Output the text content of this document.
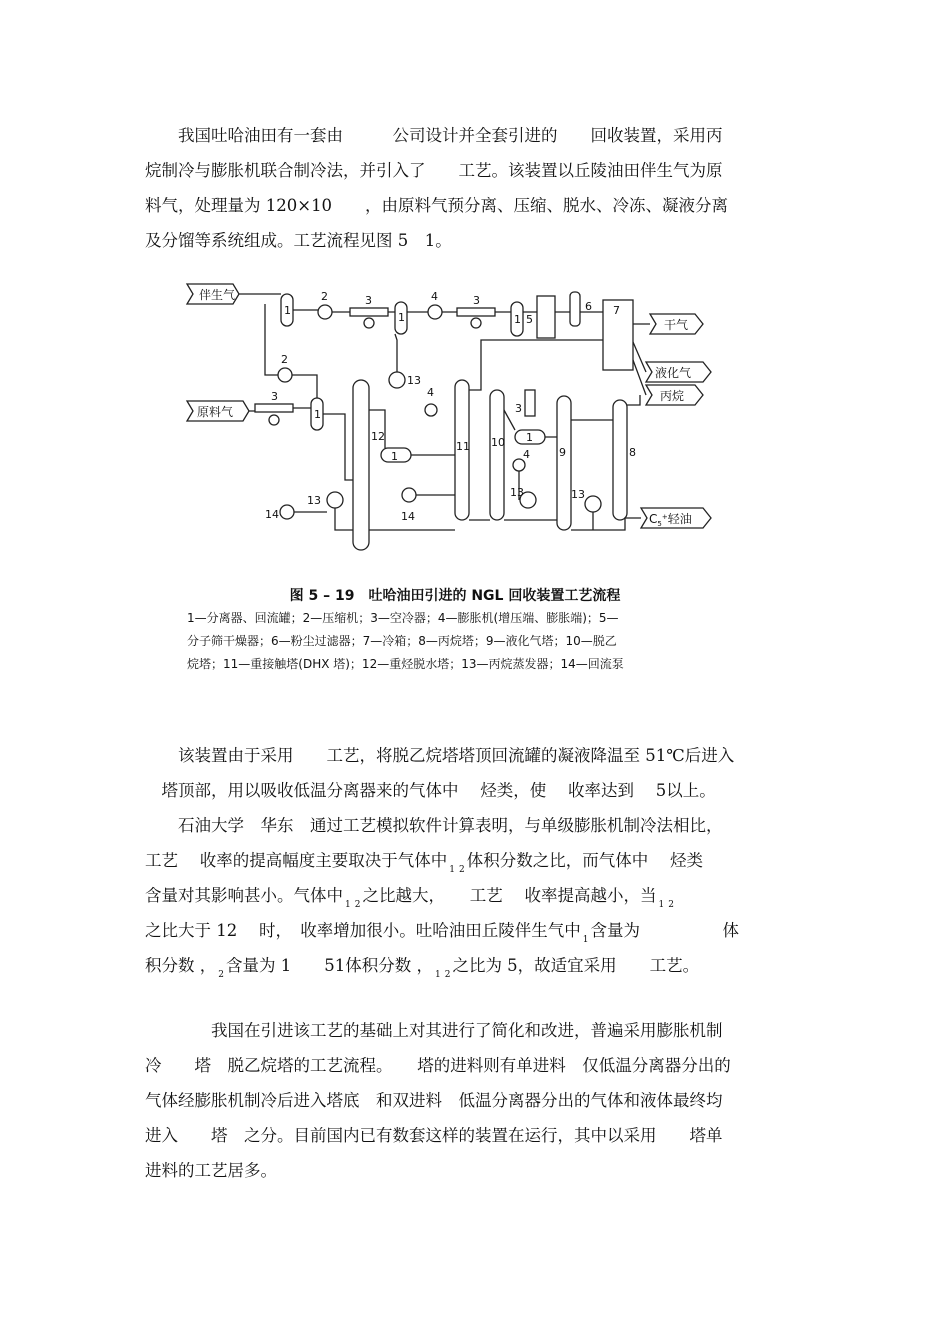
　　我国吐哈油田有一套由　　　公司设计并全套引进的　　回收装置，采用丙
烷制冷与膨胀机联合制冷法，并引入了　　工艺。该装置以丘陵油田伴生气为原
料气，处理量为 120×10　　，由原料气预分离、压缩、脱水、冷冻、凝液分离
及分馏等系统组成。工艺流程见图 5　1。
伴生气
原料气
干气
液化气
丙烷
$C_5^+$轻油
1
2	3
1
4	3
1 5
6 7
2
3
1
12
13
4
1
11 10
3
1
4	9	8
13
14	14
13	13
图 5 – 19　吐哈油田引进的 NGL 回收装置工艺流程
1—分离器、回流罐；2—压缩机；3—空冷器；4—膨胀机(增压端、膨胀端)；5—
分子筛干燥器；6—粉尘过滤器；7—冷箱；8—丙烷塔；9—液化气塔；10—脱乙
烷塔；11—重接触塔(DHX 塔)；12—重烃脱水塔；13—丙烷蒸发器；14—回流泵
　　该装置由于采用　　工艺，将脱乙烷塔塔顶回流罐的凝液降温至 51℃后进入
　塔顶部，用以吸收低温分离器来的气体中　 烃类，使　 收率达到　 5以上。
　　石油大学　华东　通过工艺模拟软件计算表明，与单级膨胀机制冷法相比，
工艺　 收率的提高幅度主要取决于气体中 $_1$ $_2$ 体积分数之比，而气体中　 烃类
含量对其影响甚小。气体中 $_1$ $_2$ 之比越大，　　工艺　 收率提高越小，当 $_1$ $_2$
之比大于 12　 时，　收率增加很小。吐哈油田丘陵伴生气中 $_1$ 含量为　　　　　体
积分数 ， $_2$ 含量为 1　　51体积分数 ， $_1$ $_2$ 之比为 5，故适宜采用　　工艺。
　　　　我国在引进该工艺的基础上对其进行了简化和改进，普遍采用膨胀机制
冷　　塔　脱乙烷塔的工艺流程。　　塔的进料则有单进料　仅低温分离器分出的
气体经膨胀机制冷后进入塔底　和双进料　低温分离器分出的气体和液体最终均
进入　　塔　之分。目前国内已有数套这样的装置在运行，其中以采用　　塔单
进料的工艺居多。
